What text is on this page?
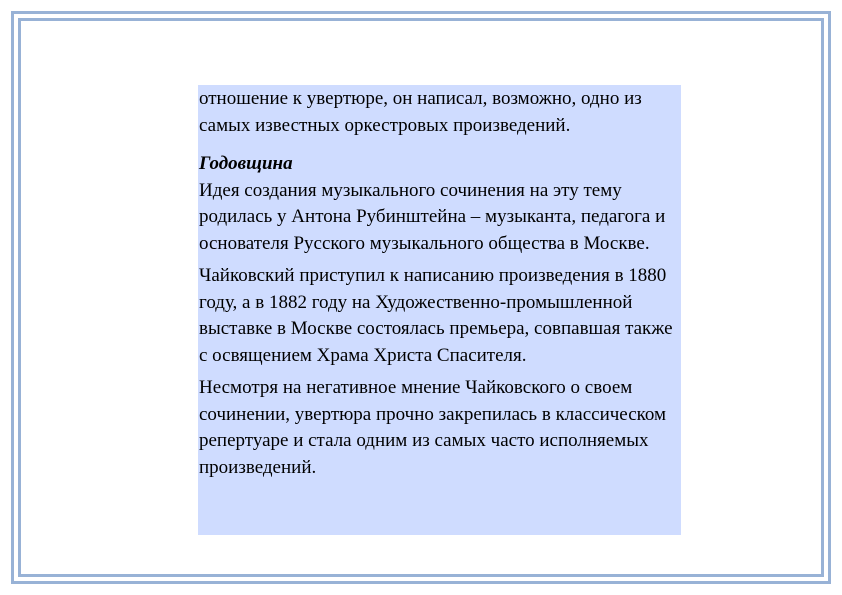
отношение к увертюре, он написал, возможно, одно из самых известных оркестровых произведений.

Годовщина

Идея создания музыкального сочинения на эту тему родилась у Антона Рубинштейна – музыканта, педагога и основателя Русского музыкального общества в Москве.

Чайковский приступил к написанию произведения в 1880 году, а в 1882 году на Художественно-промышленной выставке в Москве состоялась премьера, совпавшая также с освящением Храма Христа Спасителя.

Несмотря на негативное мнение Чайковского о своем сочинении, увертюра прочно закрепилась в классическом репертуаре и стала одним из самых часто исполняемых произведений.
